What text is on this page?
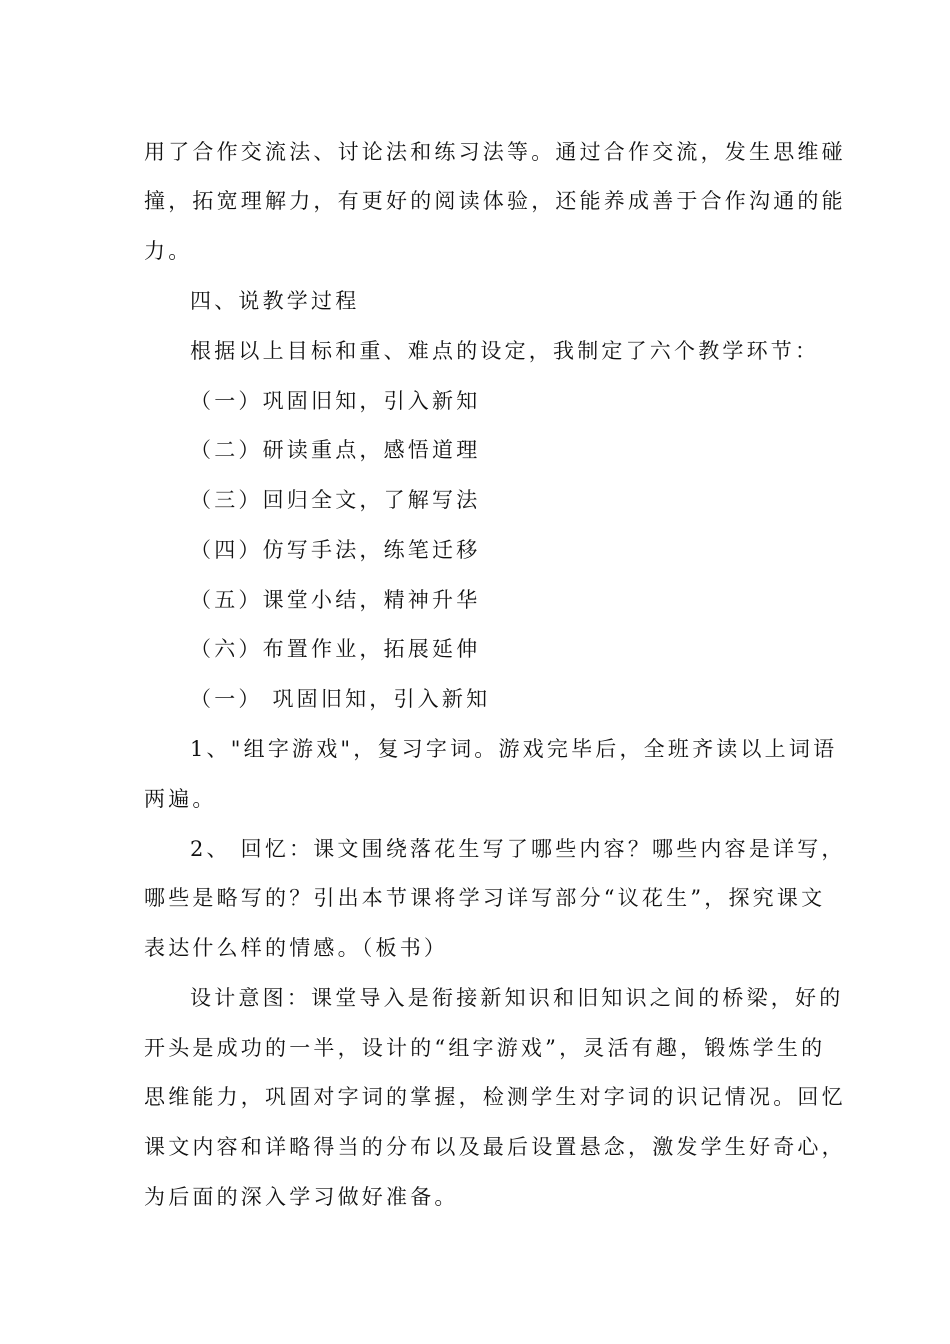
用了合作交流法、讨论法和练习法等。通过合作交流，发生思维碰
撞，拓宽理解力，有更好的阅读体验，还能养成善于合作沟通的能
力。
四、说教学过程
根据以上目标和重、难点的设定，我制定了六个教学环节：
（一）巩固旧知，引入新知
（二）研读重点，感悟道理
（三）回归全文，了解写法
（四）仿写手法，练笔迁移
（五）课堂小结，精神升华
（六）布置作业，拓展延伸
（一） 巩固旧知，引入新知
1、"组字游戏"，复习字词。游戏完毕后，全班齐读以上词语
两遍。
2、 回忆：课文围绕落花生写了哪些内容？哪些内容是详写，
哪些是略写的？引出本节课将学习详写部分“议花生”，探究课文
表达什么样的情感。（板书）
设计意图：课堂导入是衔接新知识和旧知识之间的桥梁，好的
开头是成功的一半，设计的“组字游戏”，灵活有趣，锻炼学生的
思维能力，巩固对字词的掌握，检测学生对字词的识记情况。回忆
课文内容和详略得当的分布以及最后设置悬念，激发学生好奇心，
为后面的深入学习做好准备。
